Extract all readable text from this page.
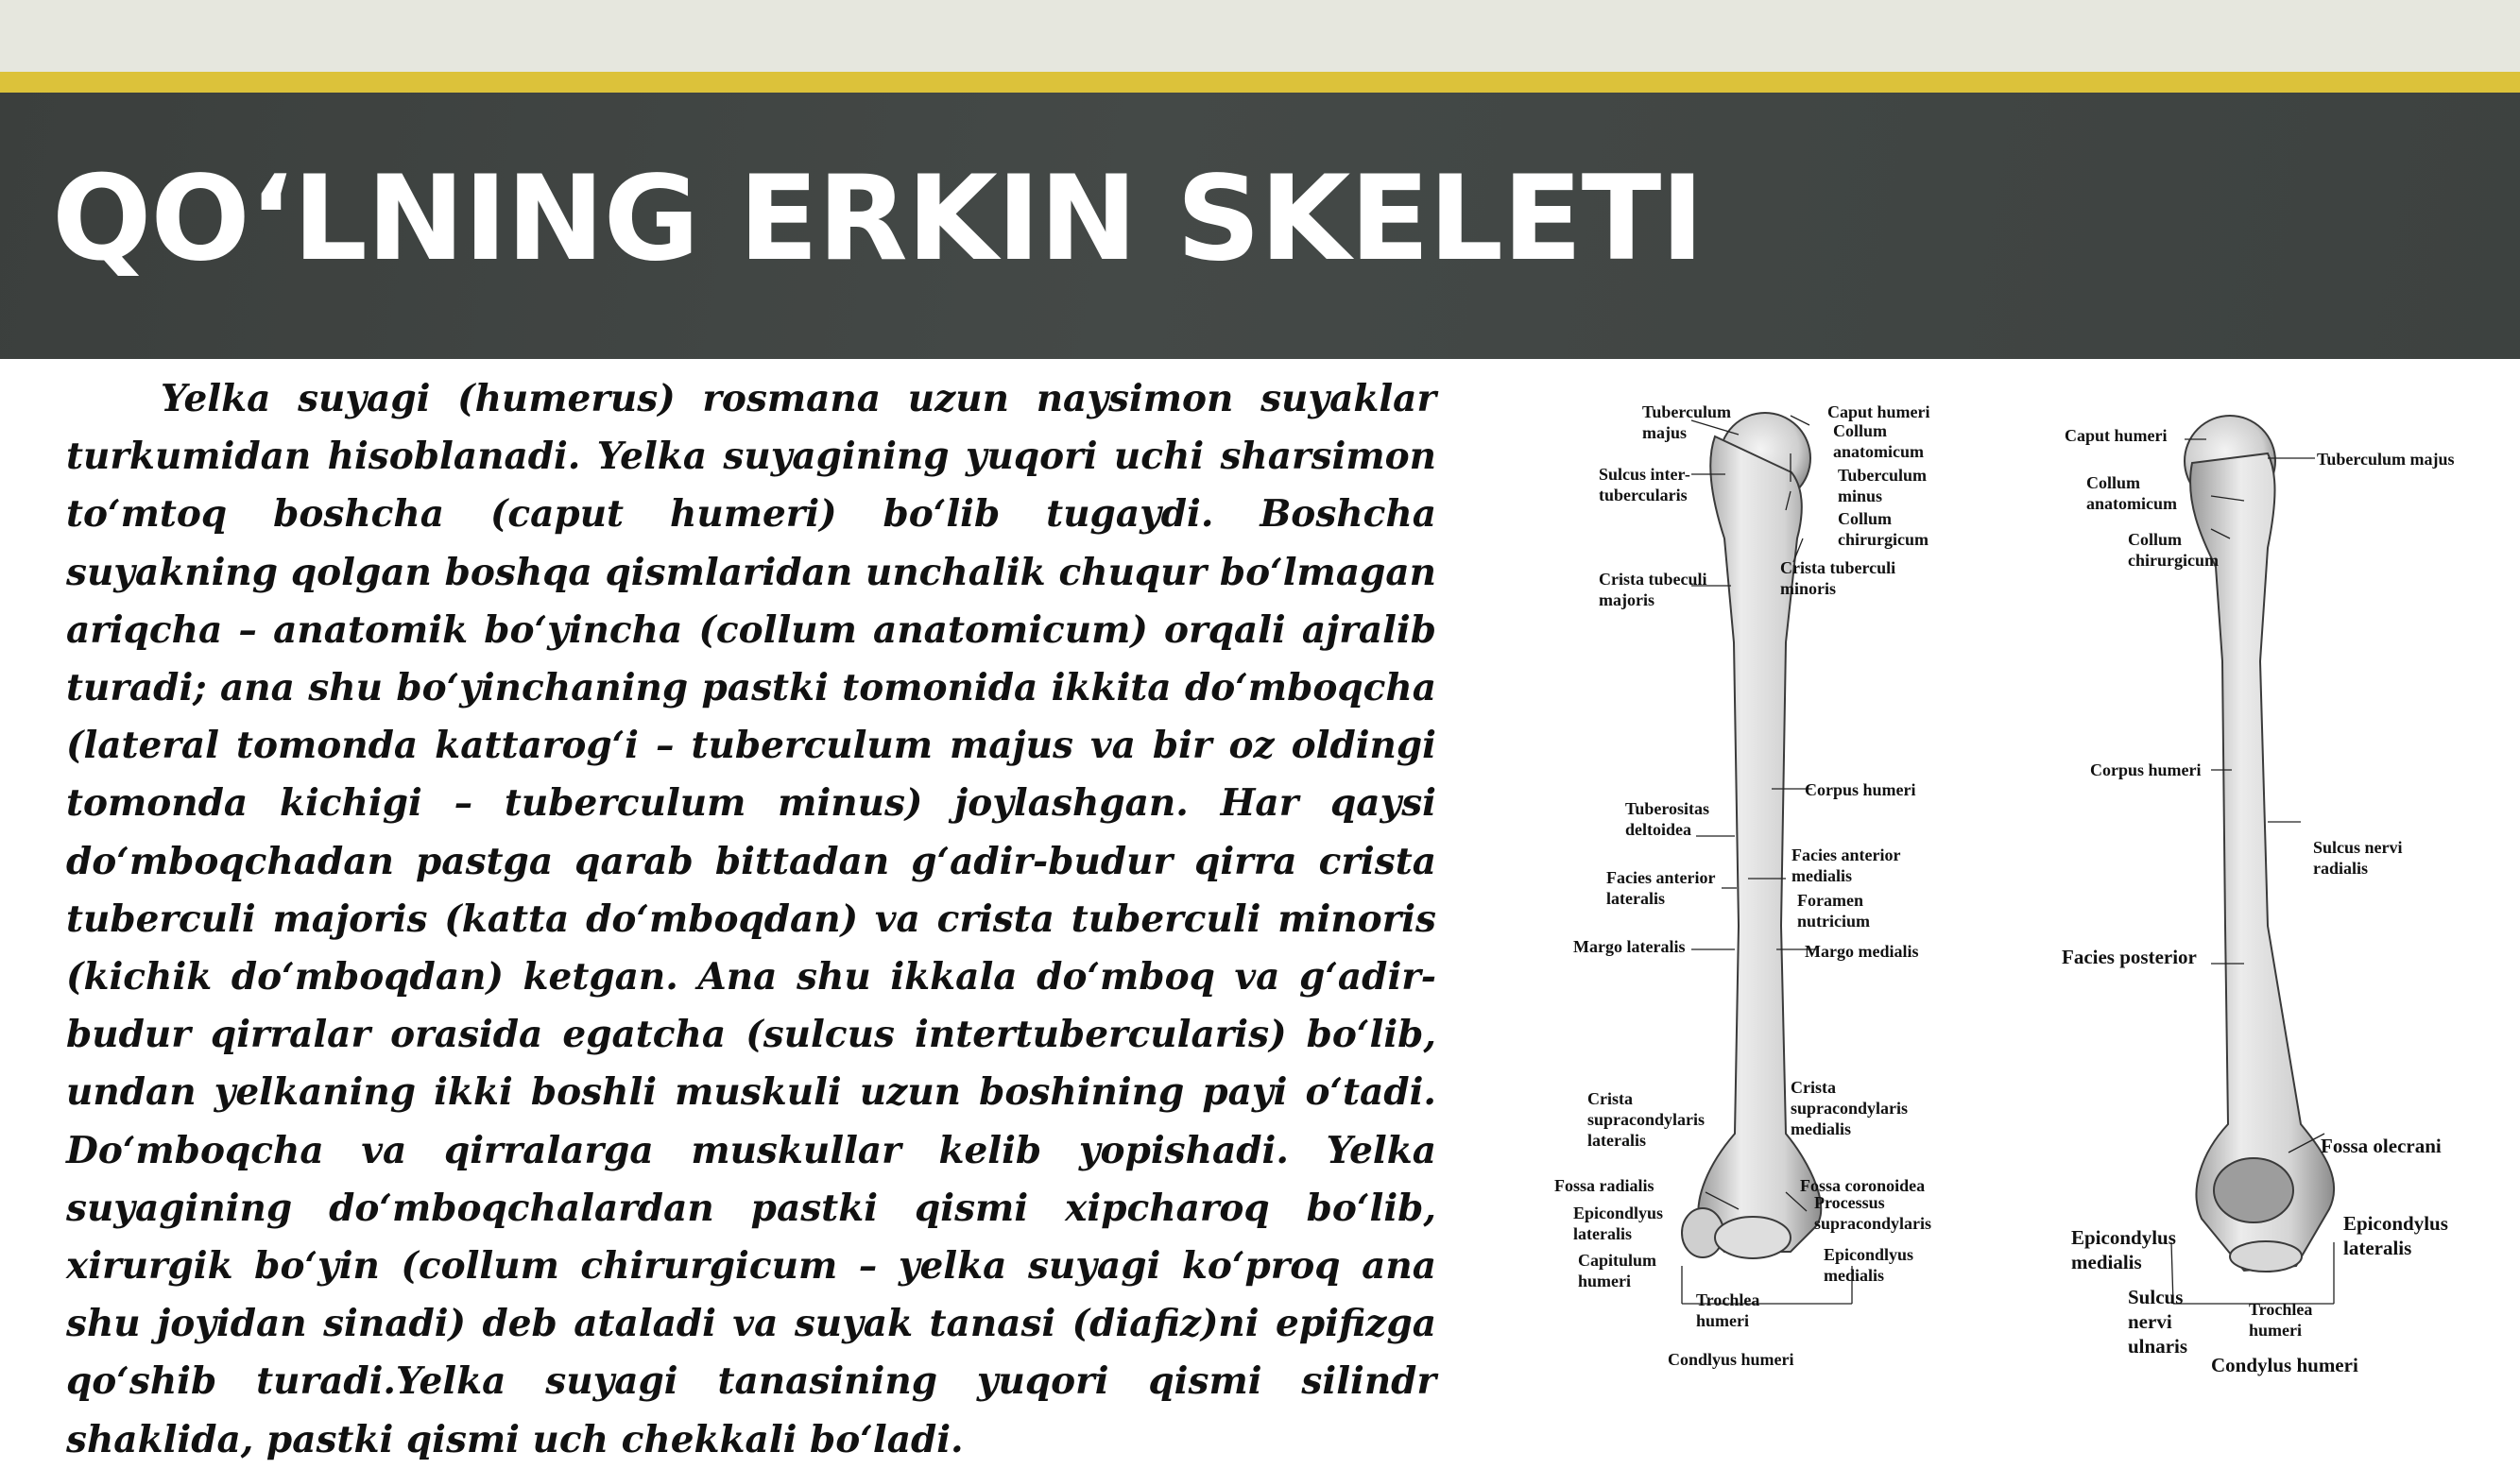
QO‘LNING ERKIN SKELETI

Yelka suyagi (humerus) rosmana uzun naysimon suyaklar turkumidan hisoblanadi. Yelka suyagining yuqori uchi sharsimon to‘mtoq boshcha (caput humeri) bo‘lib tugaydi. Boshcha suyakning qolgan boshqa qismlaridan unchalik chuqur bo‘lmagan ariqcha – anatomik bo‘yincha (collum anatomicum) orqali ajralib turadi; ana shu bo‘yinchaning pastki tomonida ikkita do‘mboqcha (lateral tomonda kattarog‘i – tuberculum majus va bir oz oldingi tomonda kichigi – tuberculum minus) joylashgan. Har qaysi do‘mboqchadan pastga qarab bittadan g‘adir-budur qirra crista tuberculi majoris (katta do‘mboqdan) va crista tuberculi minoris (kichik do‘mboqdan) ketgan. Ana shu ikkala do‘mboq va g‘adir-budur qirralar orasida egatcha (sulcus intertubercularis) bo‘lib, undan yelkaning ikki boshli muskuli uzun boshining payi o‘tadi. Do‘mboqcha va qirralarga muskullar kelib yopishadi. Yelka suyagining do‘mboqchalardan pastki qismi xipcharoq bo‘lib, xirurgik bo‘yin (collum chirurgicum – yelka suyagi ko‘proq ana shu joyidan sinadi) deb ataladi va suyak tanasi (diafiz)ni epifizga qo‘shib turadi.Yelka suyagi tanasining yuqori qismi silindr shaklida, pastki qismi uch chekkali bo‘ladi.

Tuberculum
majus
Sulcus inter-
tubercularis
Crista tubeculi
majoris
Caput humeri
Collum
anatomicum
Tuberculum
minus
Collum
chirurgicum
Crista tuberculi
minoris
Corpus humeri
Tuberositas
deltoidea
Facies anterior
medialis
Facies anterior
lateralis	Foramen
nutricium
Margo lateralis	Margo medialis
Crista
supracondylaris
lateralis
Crista
supracondylaris
medialis
Fossa radialis	Fossa coronoidea
Processus
supracondylaris
Epicondlyus
lateralis
Epicondlyus
medialis
Capitulum
humeri
Trochlea
humeri
Condlyus humeri
Caput humeri
Tuberculum majus
Collum
anatomicum
Collum
chirurgicum
Corpus humeri
Sulcus nervi
radialis
Facies posterior
Fossa olecrani
Epicondylus
medialis
Epicondylus
lateralis
Sulcus
nervi
ulnaris
Trochlea
humeri
Condylus humeri
